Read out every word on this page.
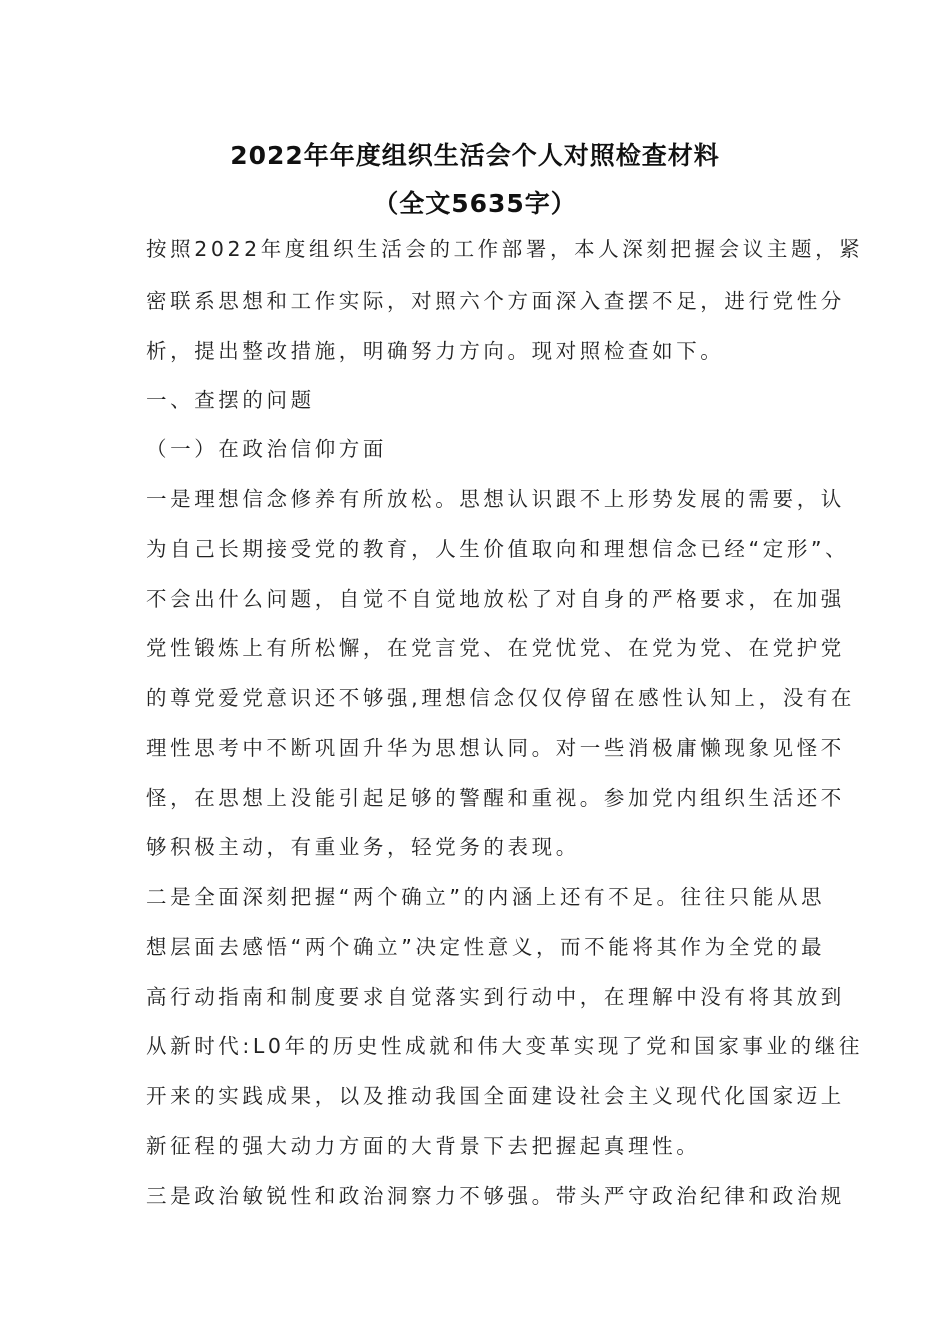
2022年年度组织生活会个人对照检查材料
（全文5635字）
按照2022年度组织生活会的工作部署，本人深刻把握会议主题，紧
密联系思想和工作实际，对照六个方面深入查摆不足，进行党性分
析，提出整改措施，明确努力方向。现对照检查如下。
一、查摆的问题
（一）在政治信仰方面
一是理想信念修养有所放松。思想认识跟不上形势发展的需要，认
为自己长期接受党的教育，人生价值取向和理想信念已经“定形”、
不会出什么问题，自觉不自觉地放松了对自身的严格要求，在加强
党性锻炼上有所松懈，在党言党、在党忧党、在党为党、在党护党
的尊党爱党意识还不够强,理想信念仅仅停留在感性认知上，没有在
理性思考中不断巩固升华为思想认同。对一些消极庸懒现象见怪不
怪，在思想上没能引起足够的警醒和重视。参加党内组织生活还不
够积极主动，有重业务，轻党务的表现。
二是全面深刻把握“两个确立”的内涵上还有不足。往往只能从思
想层面去感悟“两个确立”决定性意义，而不能将其作为全党的最
高行动指南和制度要求自觉落实到行动中，在理解中没有将其放到
从新时代:L0年的历史性成就和伟大变革实现了党和国家事业的继往
开来的实践成果，以及推动我国全面建设社会主义现代化国家迈上
新征程的强大动力方面的大背景下去把握起真理性。
三是政治敏锐性和政治洞察力不够强。带头严守政治纪律和政治规
